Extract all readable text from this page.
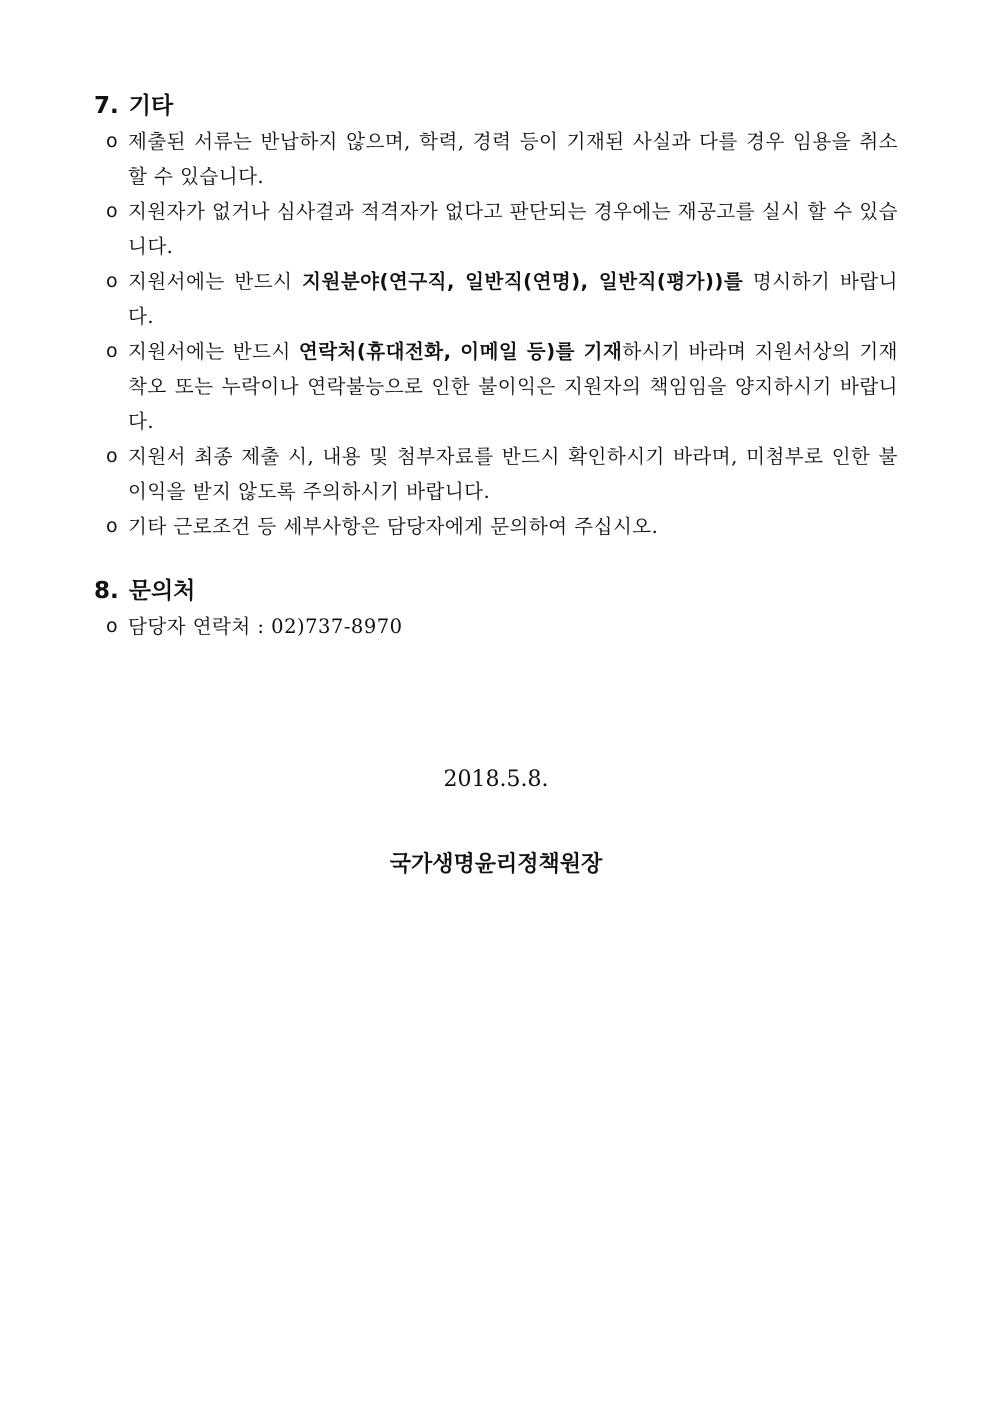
7. 기타
o 제출된 서류는 반납하지 않으며, 학력, 경력 등이 기재된 사실과 다를 경우 임용을 취소 할 수 있습니다.
o 지원자가 없거나 심사결과 적격자가 없다고 판단되는 경우에는 재공고를 실시 할 수 있습니다.
o 지원서에는 반드시 지원분야(연구직, 일반직(연명), 일반직(평가))를 명시하기 바랍니다.
o 지원서에는 반드시 연락처(휴대전화, 이메일 등)를 기재하시기 바라며 지원서상의 기재착오 또는 누락이나 연락불능으로 인한 불이익은 지원자의 책임임을 양지하시기 바랍니다.
o 지원서 최종 제출 시, 내용 및 첨부자료를 반드시 확인하시기 바라며, 미첨부로 인한 불이익을 받지 않도록 주의하시기 바랍니다.
o 기타 근로조건 등 세부사항은 담당자에게 문의하여 주십시오.
8. 문의처
o 담당자 연락처 : 02)737-8970
2018.5.8.
국가생명윤리정책원장
